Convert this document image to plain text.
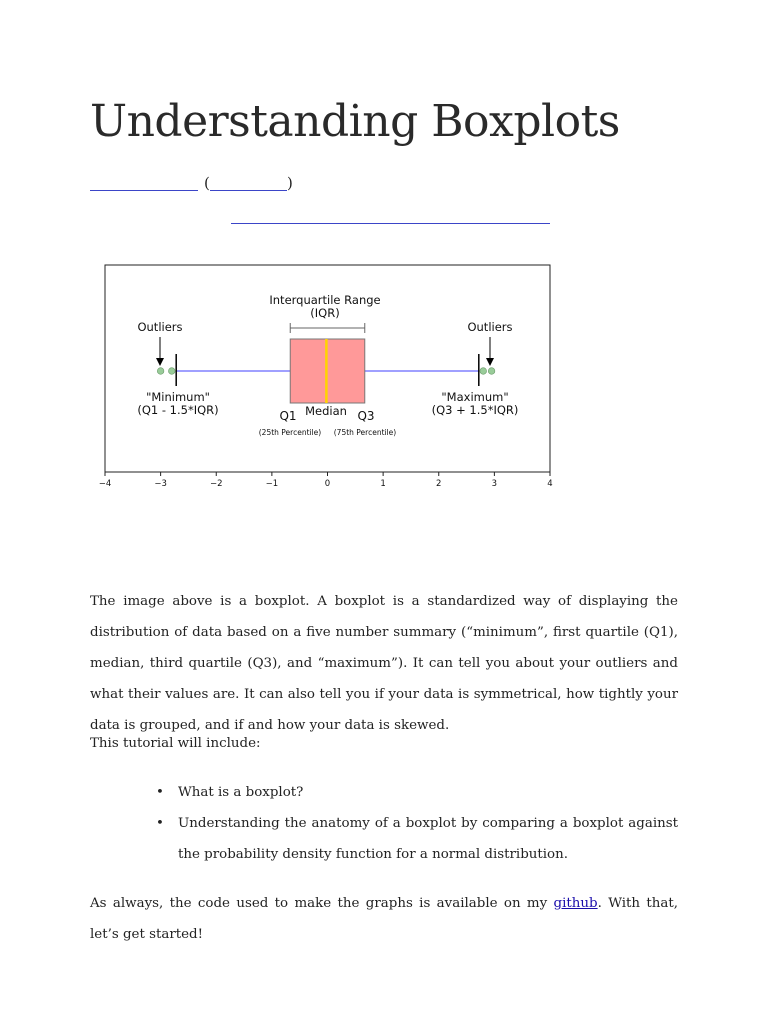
Understanding Boxplots
(	)
−4	−3	−2	−1	0	1	2	3	4
Interquartile Range
(IQR)
Outliers	Outliers
"Minimum"
(Q1 - 1.5*IQR)
"Maximum"
(Q3 + 1.5*IQR)
Q1 Median Q3
(25th Percentile) (75th Percentile)

The image above is a boxplot. A boxplot is a standardized way of displaying the distribution of data based on a five number summary (“minimum”, first quartile (Q1), median, third quartile (Q3), and “maximum”). It can tell you about your outliers and what their values are. It can also tell you if your data is symmetrical, how tightly your data is grouped, and if and how your data is skewed.

This tutorial will include:

• What is a boxplot?
• Understanding the anatomy of a boxplot by comparing a boxplot against the probability density function for a normal distribution.

As always, the code used to make the graphs is available on my github. With that, let’s get started!
